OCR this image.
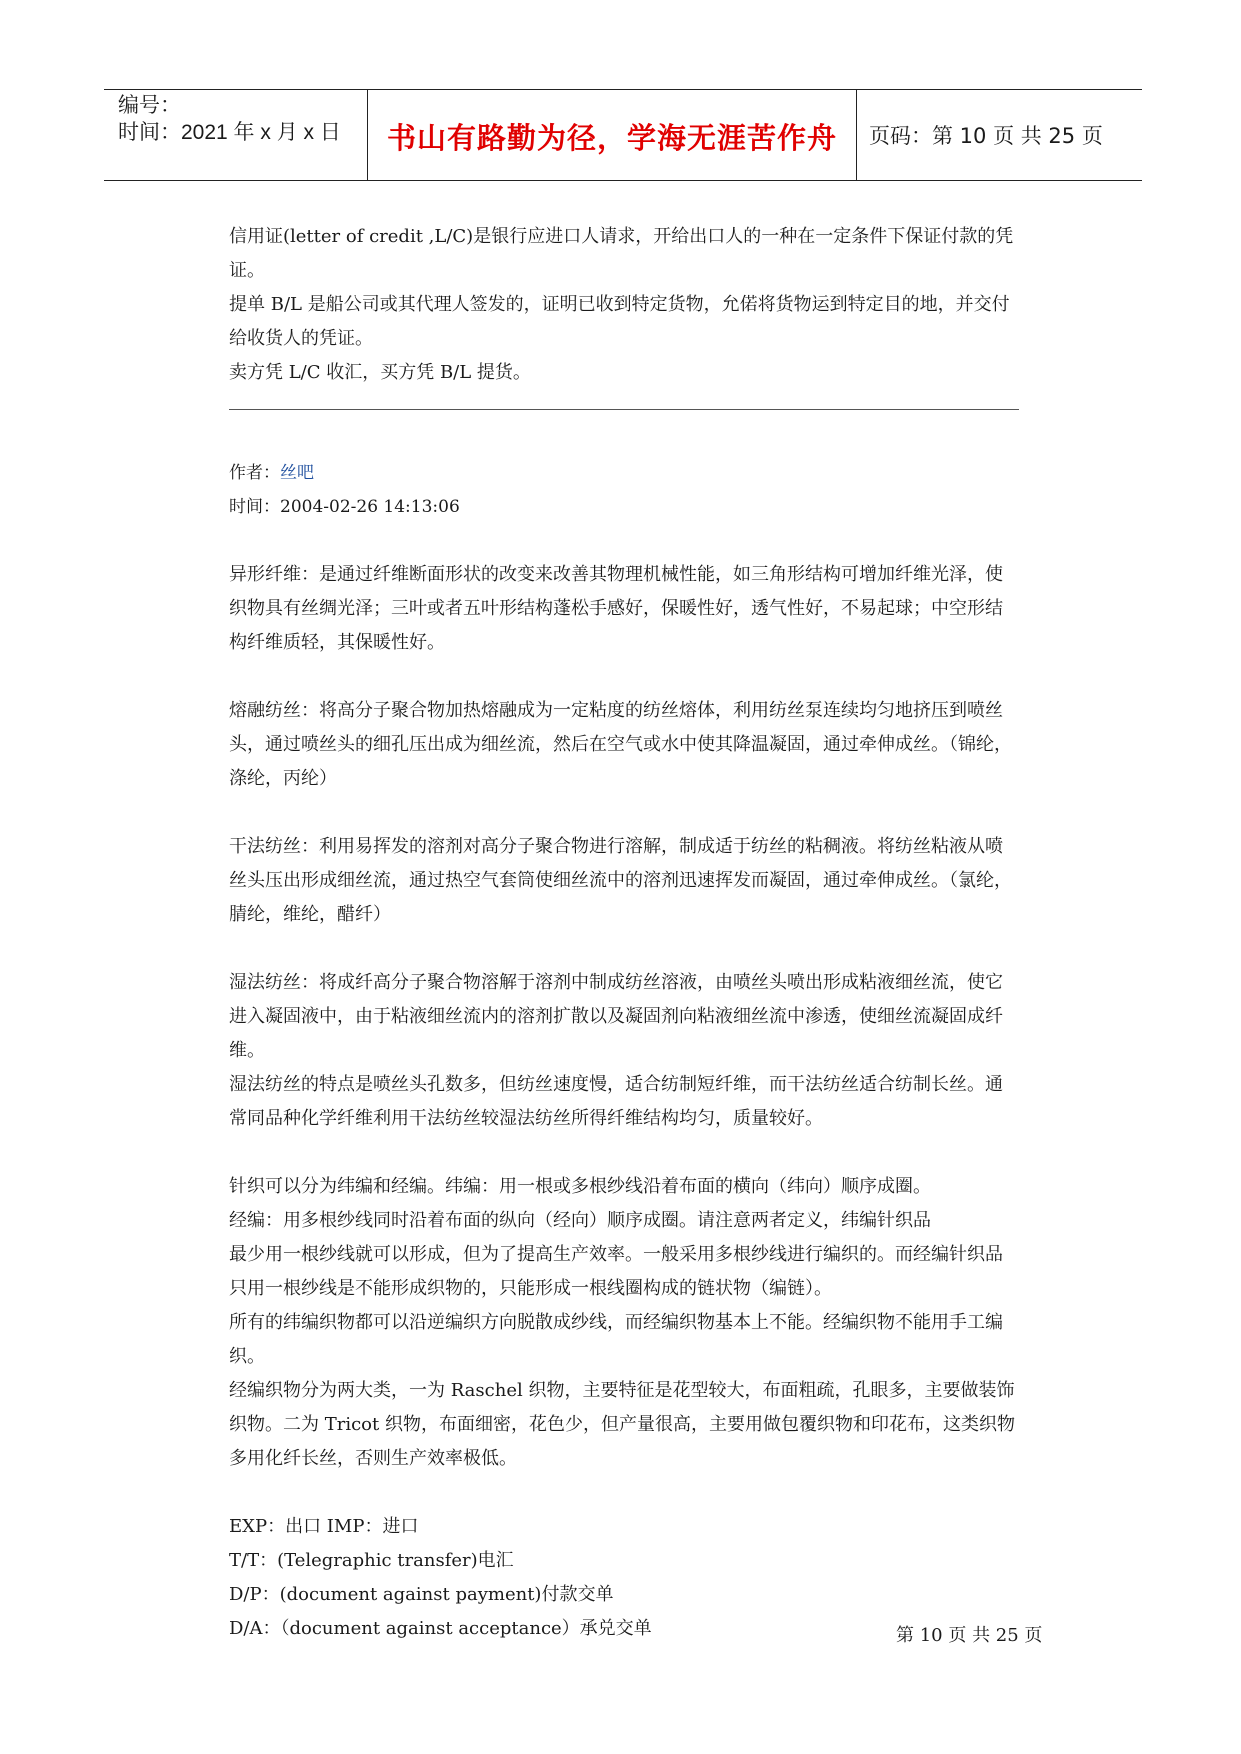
编号：
时间：2021 年 x 月 x 日 书山有路勤为径，学海无涯苦作舟 页码：第 10 页 共 25 页

信用证(letter of credit ,L/C)是银行应进口人请求，开给出口人的一种在一定条件下保证付款的凭证。

提单 B/L 是船公司或其代理人签发的，证明已收到特定货物，允偌将货物运到特定目的地，并交付给收货人的凭证。

卖方凭 L/C 收汇，买方凭 B/L 提货。

作者：丝吧

时间：2004-02-26 14:13:06

异形纤维：是通过纤维断面形状的改变来改善其物理机械性能，如三角形结构可增加纤维光泽，使织物具有丝绸光泽；三叶或者五叶形结构蓬松手感好，保暖性好，透气性好，不易起球；中空形结构纤维质轻，其保暖性好。

熔融纺丝：将高分子聚合物加热熔融成为一定粘度的纺丝熔体，利用纺丝泵连续均匀地挤压到喷丝头，通过喷丝头的细孔压出成为细丝流，然后在空气或水中使其降温凝固，通过牵伸成丝。（锦纶，涤纶，丙纶）

干法纺丝：利用易挥发的溶剂对高分子聚合物进行溶解，制成适于纺丝的粘稠液。将纺丝粘液从喷丝头压出形成细丝流，通过热空气套筒使细丝流中的溶剂迅速挥发而凝固，通过牵伸成丝。（氯纶，腈纶，维纶，醋纤）

湿法纺丝：将成纤高分子聚合物溶解于溶剂中制成纺丝溶液，由喷丝头喷出形成粘液细丝流，使它进入凝固液中，由于粘液细丝流内的溶剂扩散以及凝固剂向粘液细丝流中渗透，使细丝流凝固成纤维。

湿法纺丝的特点是喷丝头孔数多，但纺丝速度慢，适合纺制短纤维，而干法纺丝适合纺制长丝。通常同品种化学纤维利用干法纺丝较湿法纺丝所得纤维结构均匀，质量较好。

针织可以分为纬编和经编。纬编：用一根或多根纱线沿着布面的横向（纬向）顺序成圈。

经编：用多根纱线同时沿着布面的纵向（经向）顺序成圈。请注意两者定义，纬编针织品

最少用一根纱线就可以形成，但为了提高生产效率。一般采用多根纱线进行编织的。而经编针织品只用一根纱线是不能形成织物的，只能形成一根线圈构成的链状物（编链）。

所有的纬编织物都可以沿逆编织方向脱散成纱线，而经编织物基本上不能。经编织物不能用手工编织。

经编织物分为两大类，一为 Raschel 织物，主要特征是花型较大，布面粗疏，孔眼多，主要做装饰织物。二为 Tricot 织物，布面细密，花色少，但产量很高，主要用做包覆织物和印花布，这类织物多用化纤长丝，否则生产效率极低。

EXP：出口 IMP：进口

T/T：(Telegraphic transfer)电汇

D/P：(document against payment)付款交单

D/A：（document against acceptance）承兑交单	第 10 页 共 25 页
